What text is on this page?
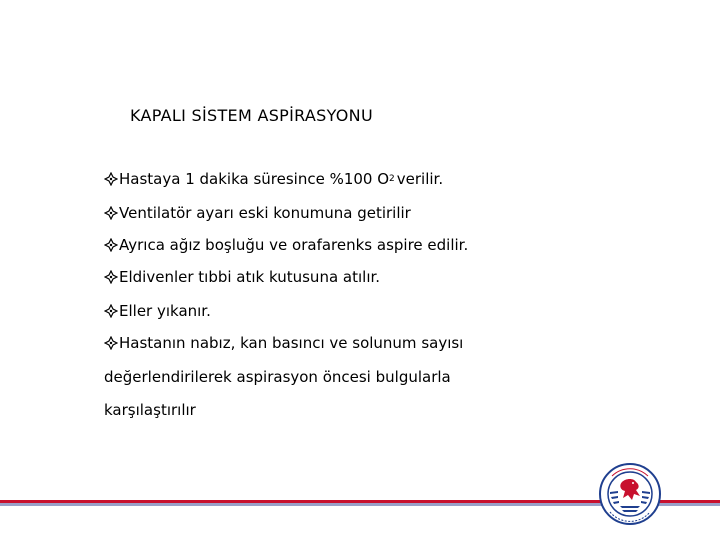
KAPALI SİSTEM ASPİRASYONU
Hastaya 1 dakika süresince %100 O 2 verilir.
Ventilatör ayarı eski konumuna getirilir
Ayrıca ağız boşluğu ve orafarenks aspire edilir.
Eldivenler tıbbi atık kutusuna atılır.
Eller yıkanır.
Hastanın nabız, kan basıncı ve solunum sayısı
değerlendirilerek aspirasyon öncesi bulgularla
karşılaştırılır
